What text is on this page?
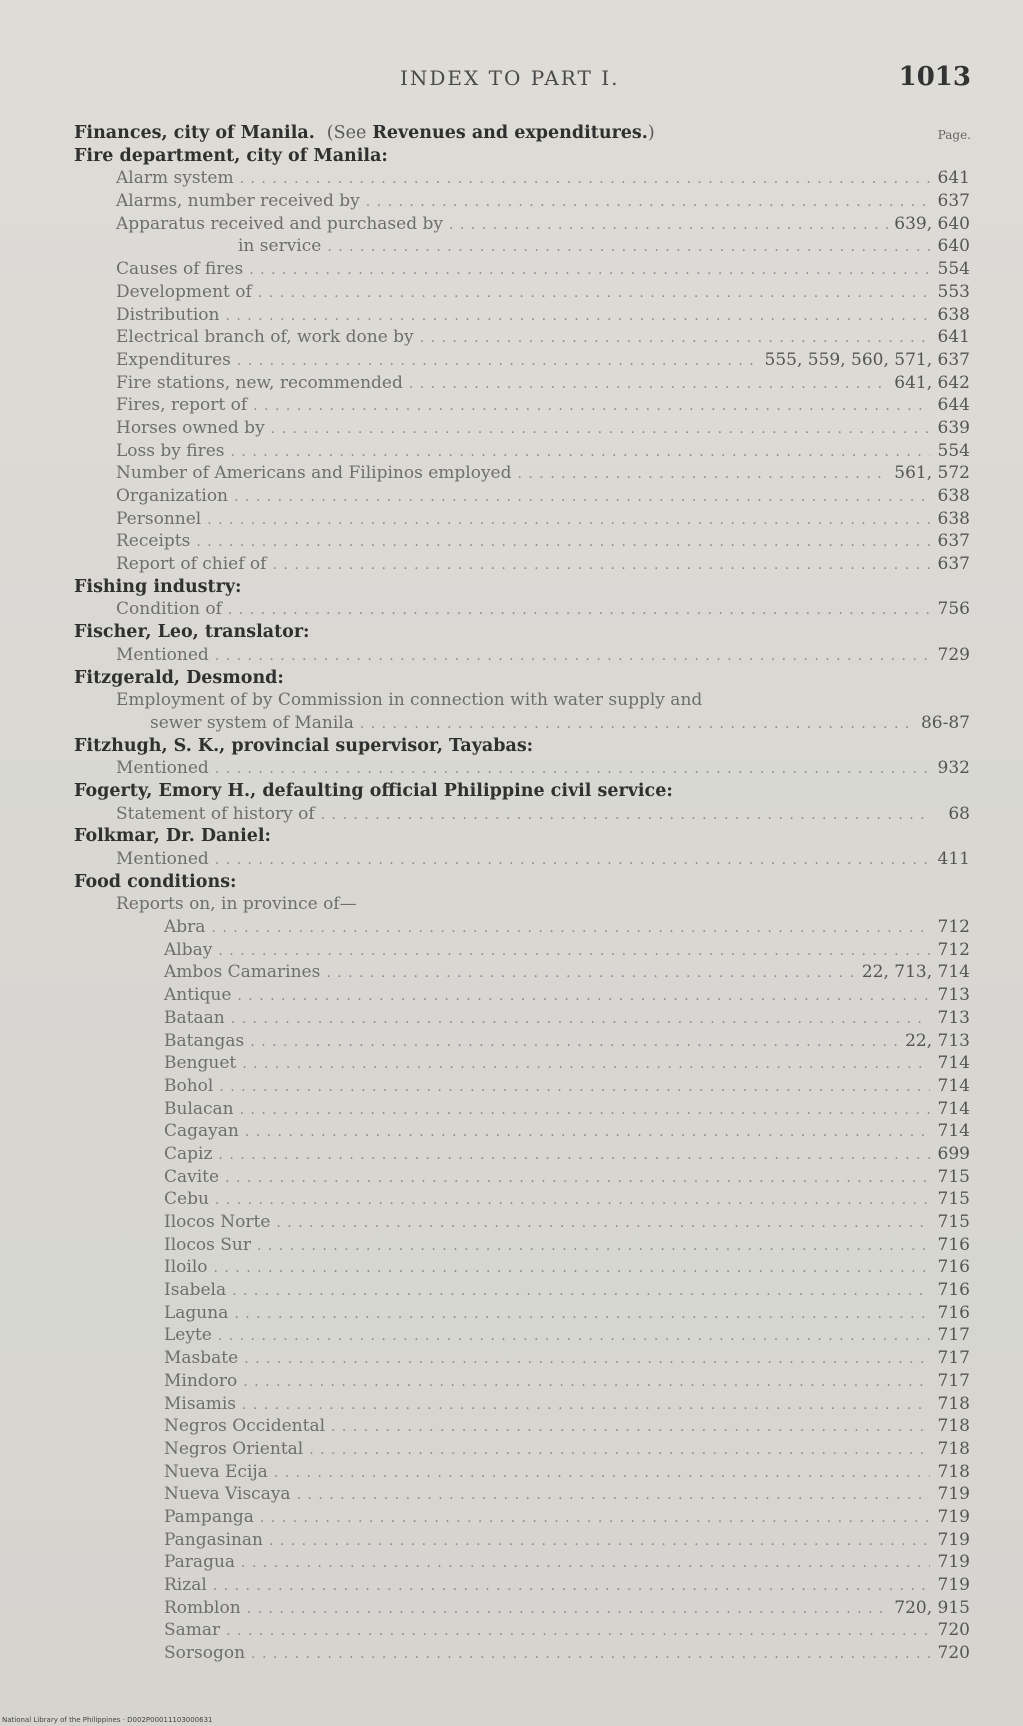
INDEX TO PART I.	1013
Page.
Finances, city of Manila. (See Revenues and expenditures.)
Fire department, city of Manila:
Alarm system . . .	641
Alarms, number received by . . .	637
Apparatus received and purchased by . . .	639, 640
in service . . .	640
Causes of fires . . .	554
Development of . . .	553
Distribution . . .	638
Electrical branch of, work done by . . .	641
Expenditures . . .	555, 559, 560, 571, 637
Fire stations, new, recommended . . .	641, 642
Fires, report of . . .	644
Horses owned by . . .	639
Loss by fires . . .	554
Number of Americans and Filipinos employed . . .	561, 572
Organization . . .	638
Personnel . . .	638
Receipts . . .	637
Report of chief of . . .	637
Fishing industry:
Condition of . . .	756
Fischer, Leo, translator:
Mentioned . . .	729
Fitzgerald, Desmond:
Employment of by Commission in connection with water supply and
sewer system of Manila . . .	86-87
Fitzhugh, S. K., provincial supervisor, Tayabas:
Mentioned . . .	932
Fogerty, Emory H., defaulting official Philippine civil service:
Statement of history of . . .	68
Folkmar, Dr. Daniel:
Mentioned . . .	411
Food conditions:
Reports on, in province of—
Abra . . .	712
Albay . . .	712
Ambos Camarines . . .	22, 713, 714
Antique . . .	713
Bataan . . .	713
Batangas . . .	22, 713
Benguet . . .	714
Bohol . . .	714
Bulacan . . .	714
Cagayan . . .	714
Capiz . . .	699
Cavite . . .	715
Cebu . . .	715
Ilocos Norte . . .	715
Ilocos Sur . . .	716
Iloilo . . .	716
Isabela . . .	716
Laguna . . .	716
Leyte . . .	717
Masbate . . .	717
Mindoro . . .	717
Misamis . . .	718
Negros Occidental . . .	718
Negros Oriental . . .	718
Nueva Ecija . . .	718
Nueva Viscaya . . .	719
Pampanga . . .	719
Pangasinan . . .	719
Paragua . . .	719
Rizal . . .	719
Romblon . . .	720, 915
Samar . . .	720
Sorsogon . . .	720
National Library of the Philippines · D002P00011103000631
